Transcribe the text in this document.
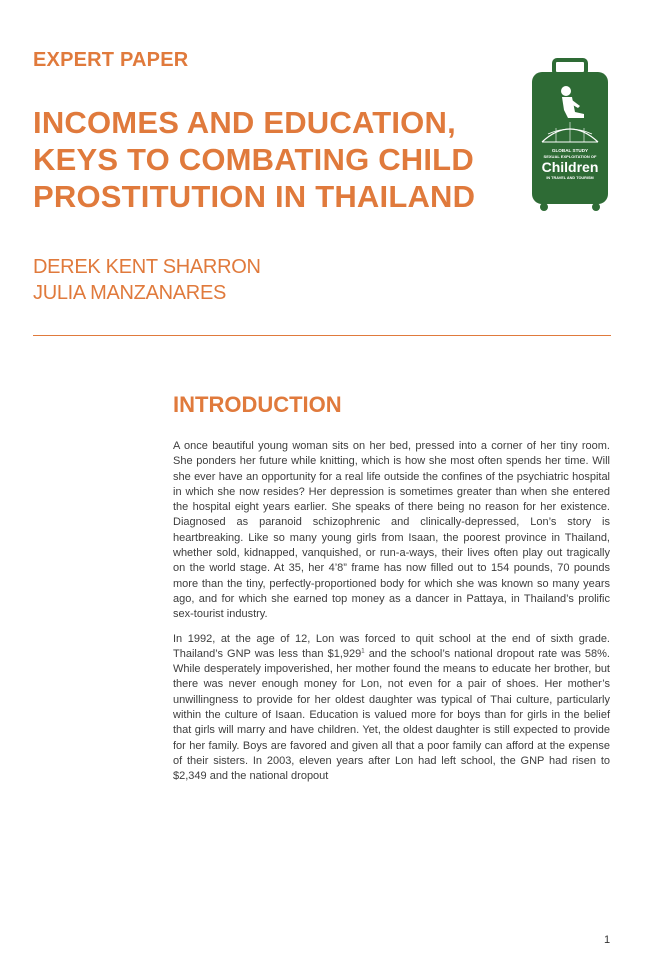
EXPERT PAPER
INCOMES AND EDUCATION,
KEYS TO COMBATING CHILD
PROSTITUTION IN THAILAND
GLOBAL STUDY
SEXUAL EXPLOITATION OF
Children
IN TRAVEL AND TOURISM
DEREK KENT SHARRON
JULIA MANZANARES
INTRODUCTION

A once beautiful young woman sits on her bed, pressed into a corner of her tiny room. She ponders her future while knitting, which is how she most often spends her time. Will she ever have an opportunity for a real life outside the confines of the psychiatric hospital in which she now resides? Her depression is sometimes greater than when she entered the hospital eight years earlier. She speaks of there being no reason for her existence. Diagnosed as paranoid schizophrenic and clinically-depressed, Lon’s story is heartbreaking. Like so many young girls from Isaan, the poorest province in Thailand, whether sold, kidnapped, vanquished, or run-a-ways, their lives often play out tragically on the world stage. At 35, her 4’8” frame has now filled out to 154 pounds, 70 pounds more than the tiny, perfectly-proportioned body for which she was known so many years ago, and for which she earned top money as a dancer in Pattaya, in Thailand’s prolific sex-tourist industry.

In 1992, at the age of 12, Lon was forced to quit school at the end of sixth grade. Thailand’s GNP was less than $1,929$^1$ and the school’s national dropout rate was 58%. While desperately impoverished, her mother found the means to educate her brother, but there was never enough money for Lon, not even for a pair of shoes. Her mother’s unwillingness to provide for her oldest daughter was typical of Thai culture, particularly within the culture of Isaan. Education is valued more for boys than for girls in the belief that girls will marry and have children. Yet, the oldest daughter is still expected to provide for her family. Boys are favored and given all that a poor family can afford at the expense of their sisters. In 2003, eleven years after Lon had left school, the GNP had risen to $2,349 and the national dropout

1
